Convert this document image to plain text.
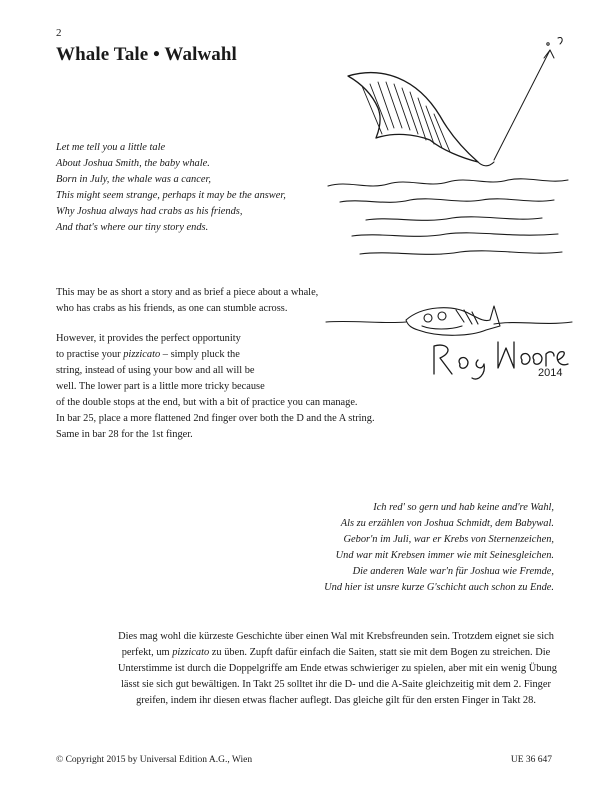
2
Whale Tale • Walwahl
Let me tell you a little tale
About Joshua Smith, the baby whale.
Born in July, the whale was a cancer,
This might seem strange, perhaps it may be the answer,
Why Joshua always had crabs as his friends,
And that's where our tiny story ends.
This may be as short a story and as brief a piece about a whale,
who has crabs as his friends, as one can stumble across.
However, it provides the perfect opportunity
to practise your pizzicato – simply pluck the
string, instead of using your bow and all will be
well. The lower part is a little more tricky because
of the double stops at the end, but with a bit of practice you can manage.
In bar 25, place a more flattened 2nd finger over both the D and the A string.
Same in bar 28 for the 1st finger.
Ich red' so gern und hab keine and're Wahl,
Als zu erzählen von Joshua Schmidt, dem Babywal.
Gebor'n im Juli, war er Krebs von Sternenzeichen,
Und war mit Krebsen immer wie mit Seinesgleichen.
Die anderen Wale war'n für Joshua wie Fremde,
Und hier ist unsre kurze G'schicht auch schon zu Ende.
Dies mag wohl die kürzeste Geschichte über einen Wal mit Krebsfreunden sein. Trotzdem eignet sie sich
perfekt, um pizzicato zu üben. Zupft dafür einfach die Saiten, statt sie mit dem Bogen zu streichen. Die
Unterstimme ist durch die Doppelgriffe am Ende etwas schwieriger zu spielen, aber mit ein wenig Übung
lässt sie sich gut bewältigen. In Takt 25 solltet ihr die D- und die A-Saite gleichzeitig mit dem 2. Finger
greifen, indem ihr diesen etwas flacher auflegt. Das gleiche gilt für den ersten Finger in Takt 28.
2014
© Copyright 2015 by Universal Edition A.G., Wien	UE 36 647
